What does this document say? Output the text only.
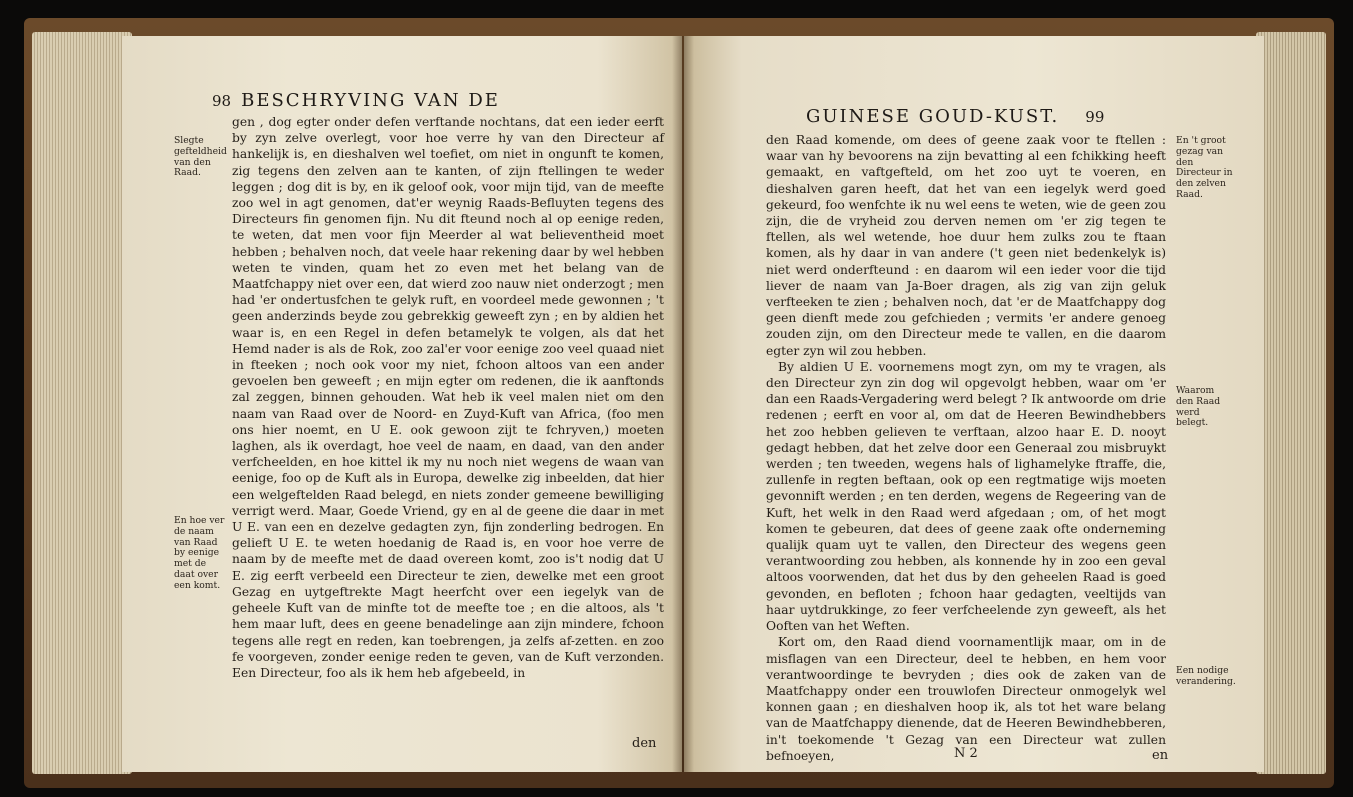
98 BESCHRYVING VAN DE
Slegte gefteldheid van den Raad.
En hoe ver de naam van Raad by eenige met de daat over een komt.

gen , dog egter onder defen verftande nochtans, dat een ieder eerft by zyn zelve overlegt, voor hoe verre hy van den Directeur af hankelijk is, en dieshalven wel toefiet, om niet in ongunft te komen, zig tegens den zelven aan te kanten, of zijn ftellingen te weder leggen ; dog dit is by, en ik geloof ook, voor mijn tijd, van de meefte zoo wel in agt genomen, dat'er weynig Raads-Befluyten tegens des Directeurs fin genomen fijn. Nu dit fteund noch al op eenige reden, te weten, dat men voor fijn Meerder al wat believentheid moet hebben ; behalven noch, dat veele haar rekening daar by wel hebben weten te vinden, quam het zo even met het belang van de Maatfchappy niet over een, dat wierd zoo nauw niet onderzogt ; men had 'er ondertusfchen te gelyk ruft, en voordeel mede gewonnen ; 't geen anderzinds beyde zou gebrekkig geweeft zyn ; en by aldien het waar is, en een Regel in defen betamelyk te volgen, als dat het Hemd nader is als de Rok, zoo zal'er voor eenige zoo veel quaad niet in fteeken ; noch ook voor my niet, fchoon altoos van een ander gevoelen ben geweeft ; en mijn egter om redenen, die ik aanftonds zal zeggen, binnen gehouden. Wat heb ik veel malen niet om den naam van Raad over de Noord- en Zuyd-Kuft van Africa, (foo men ons hier noemt, en U E. ook gewoon zijt te fchryven,) moeten laghen, als ik overdagt, hoe veel de naam, en daad, van den ander verfcheelden, en hoe kittel ik my nu noch niet wegens de waan van eenige, foo op de Kuft als in Europa, dewelke zig inbeelden, dat hier een welgeftelden Raad belegd, en niets zonder gemeene bewilliging verrigt werd. Maar, Goede Vriend, gy en al de geene die daar in met U E. van een en dezelve gedagten zyn, fijn zonderling bedrogen. En gelieft U E. te weten hoedanig de Raad is, en voor hoe verre de naam by de meefte met de daad overeen komt, zoo is't nodig dat U E. zig eerft verbeeld een Directeur te zien, dewelke met een groot Gezag en uytgeftrekte Magt heerfcht over een iegelyk van de geheele Kuft van de minfte tot de meefte toe ; en die altoos, als 't hem maar luft, dees en geene benadelinge aan zijn mindere, fchoon tegens alle regt en reden, kan toebrengen, ja zelfs af-zetten. en zoo fe voorgeven, zonder eenige reden te geven, van de Kuft verzonden. Een Directeur, foo als ik hem heb afgebeeld, in

den
GUINESE GOUD-KUST. 99

den Raad komende, om dees of geene zaak voor te ftellen : waar van hy bevoorens na zijn bevatting al een fchikking heeft gemaakt, en vaftgefteld, om het zoo uyt te voeren, en dieshalven garen heeft, dat het van een iegelyk werd goed gekeurd, foo wenfchte ik nu wel eens te weten, wie de geen zou zijn, die de vryheid zou derven nemen om 'er zig tegen te ftellen, als wel wetende, hoe duur hem zulks zou te ftaan komen, als hy daar in van andere ('t geen niet bedenkelyk is) niet werd onderfteund : en daarom wil een ieder voor die tijd liever de naam van Ja-Boer dragen, als zig van zijn geluk verfteeken te zien ; behalven noch, dat 'er de Maatfchappy dog geen dienft mede zou gefchieden ; vermits 'er andere genoeg zouden zijn, om den Directeur mede te vallen, en die daarom egter zyn wil zou hebben.

By aldien U E. voornemens mogt zyn, om my te vragen, als den Directeur zyn zin dog wil opgevolgt hebben, waar om 'er dan een Raads-Vergadering werd belegt ? Ik antwoorde om drie redenen ; eerft en voor al, om dat de Heeren Bewindhebbers het zoo hebben gelieven te verftaan, alzoo haar E. D. nooyt gedagt hebben, dat het zelve door een Generaal zou misbruykt werden ; ten tweeden, wegens hals of lighamelyke ftraffe, die, zullenfe in regten beftaan, ook op een regtmatige wijs moeten gevonnift werden ; en ten derden, wegens de Regeering van de Kuft, het welk in den Raad werd afgedaan ; om, of het mogt komen te gebeuren, dat dees of geene zaak ofte onderneming qualijk quam uyt te vallen, den Directeur des wegens geen verantwoording zou hebben, als konnende hy in zoo een geval altoos voorwenden, dat het dus by den geheelen Raad is goed gevonden, en befloten ; fchoon haar gedagten, veeltijds van haar uytdrukkinge, zo feer verfcheelende zyn geweeft, als het Ooften van het Weften.

Kort om, den Raad diend voornamentlijk maar, om in de misflagen van een Directeur, deel te hebben, en hem voor verantwoordinge te bevryden ; dies ook de zaken van de Maatfchappy onder een trouwlofen Directeur onmogelyk wel konnen gaan ; en dieshalven hoop ik, als tot het ware belang van de Maatfchappy dienende, dat de Heeren Bewindhebberen, in't toekomende 't Gezag van een Directeur wat zullen befnoeyen,

En 't groot gezag van den Directeur in den zelven Raad.
Waarom den Raad werd belegt.
Een nodige verandering.
N 2	en
